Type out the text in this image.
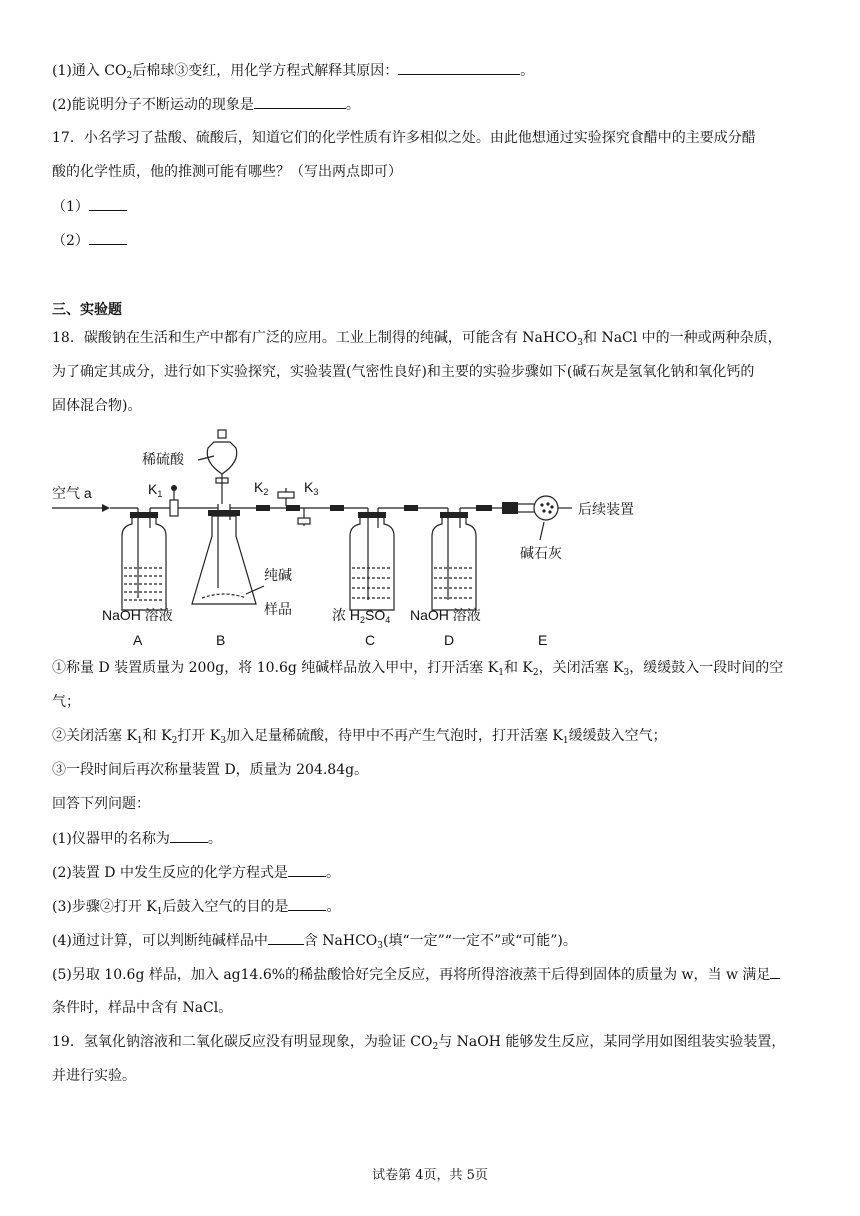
(1)通入 $CO_2$后棉球③变红，用化学方程式解释其原因：	。
(2)能说明分子不断运动的现象是	。
17．小名学习了盐酸、硫酸后，知道它们的化学性质有许多相似之处。由此他想通过实验探究食醋中的主要成分醋
酸的化学性质，他的推测可能有哪些？（写出两点即可）
（1）
（2）
三、实验题
18．碳酸钠在生活和生产中都有广泛的应用。工业上制得的纯碱，可能含有 NaHCO$_3$和 NaCl 中的一种或两种杂质，
为了确定其成分，进行如下实验探究，实验装置(气密性良好)和主要的实验步骤如下(碱石灰是氢氧化钠和氧化钙的
固体混合物)。
空气 a
NaOH 溶液
A
$K_1$
稀硫酸
纯碱
样品
B
$K_2$	$K_3$
浓 $H_2SO_4$
C
NaOH 溶液
D
后续装置
碱石灰
E
①称量 D 装置质量为 200g，将 10.6g 纯碱样品放入甲中，打开活塞 $K_1$和 $K_2$，关闭活塞 $K_3$，缓缓鼓入一段时间的空
气；
②关闭活塞 $K_1$和 $K_2$打开 $K_3$加入足量稀硫酸，待甲中不再产生气泡时，打开活塞 $K_1$缓缓鼓入空气；
③一段时间后再次称量装置 D，质量为 204.84g。
回答下列问题：
(1)仪器甲的名称为	。
(2)装置 D 中发生反应的化学方程式是	。
(3)步骤②打开 $K_1$后鼓入空气的目的是	。
(4)通过计算，可以判断纯碱样品中	含 NaHCO$_3$(填“一定”“一定不”或“可能”)。
(5)另取 10.6g 样品，加入 ag14.6%的稀盐酸恰好完全反应，再将所得溶液蒸干后得到固体的质量为 w，当 w 满足
条件时，样品中含有 NaCl。
19．氢氧化钠溶液和二氧化碳反应没有明显现象，为验证 $CO_2$与 NaOH 能够发生反应，某同学用如图组装实验装置，
并进行实验。
试卷第 4页，共 5页
